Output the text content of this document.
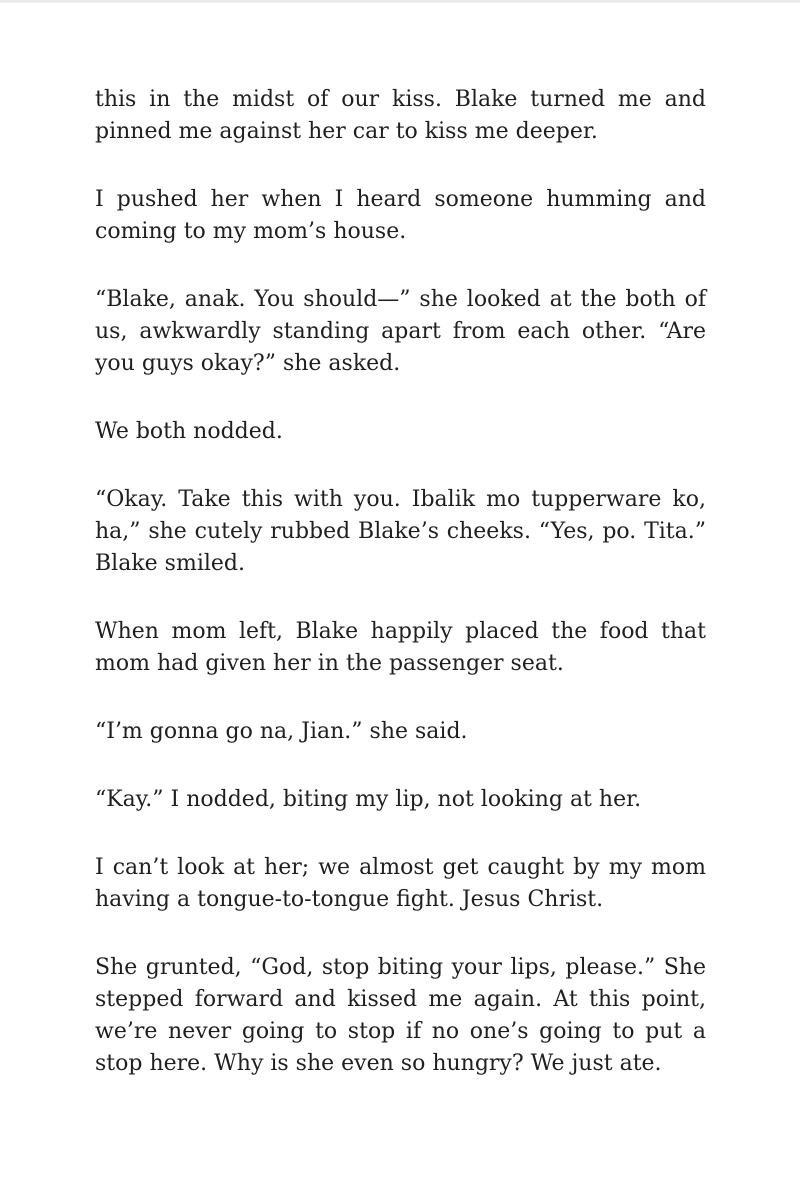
this in the midst of our kiss. Blake turned me and pinned me against her car to kiss me deeper.

I pushed her when I heard someone humming and coming to my mom’s house.

“Blake, anak. You should—” she looked at the both of us, awkwardly standing apart from each other. “Are you guys okay?” she asked.

We both nodded.

“Okay. Take this with you. Ibalik mo tupperware ko, ha,” she cutely rubbed Blake’s cheeks. “Yes, po. Tita.” Blake smiled.

When mom left, Blake happily placed the food that mom had given her in the passenger seat.

“I’m gonna go na, Jian.” she said.

“Kay.” I nodded, biting my lip, not looking at her.

I can’t look at her; we almost get caught by my mom having a tongue-to-tongue fight. Jesus Christ.

She grunted, “God, stop biting your lips, please.” She stepped forward and kissed me again. At this point, we’re never going to stop if no one’s going to put a stop here. Why is she even so hungry? We just ate.
